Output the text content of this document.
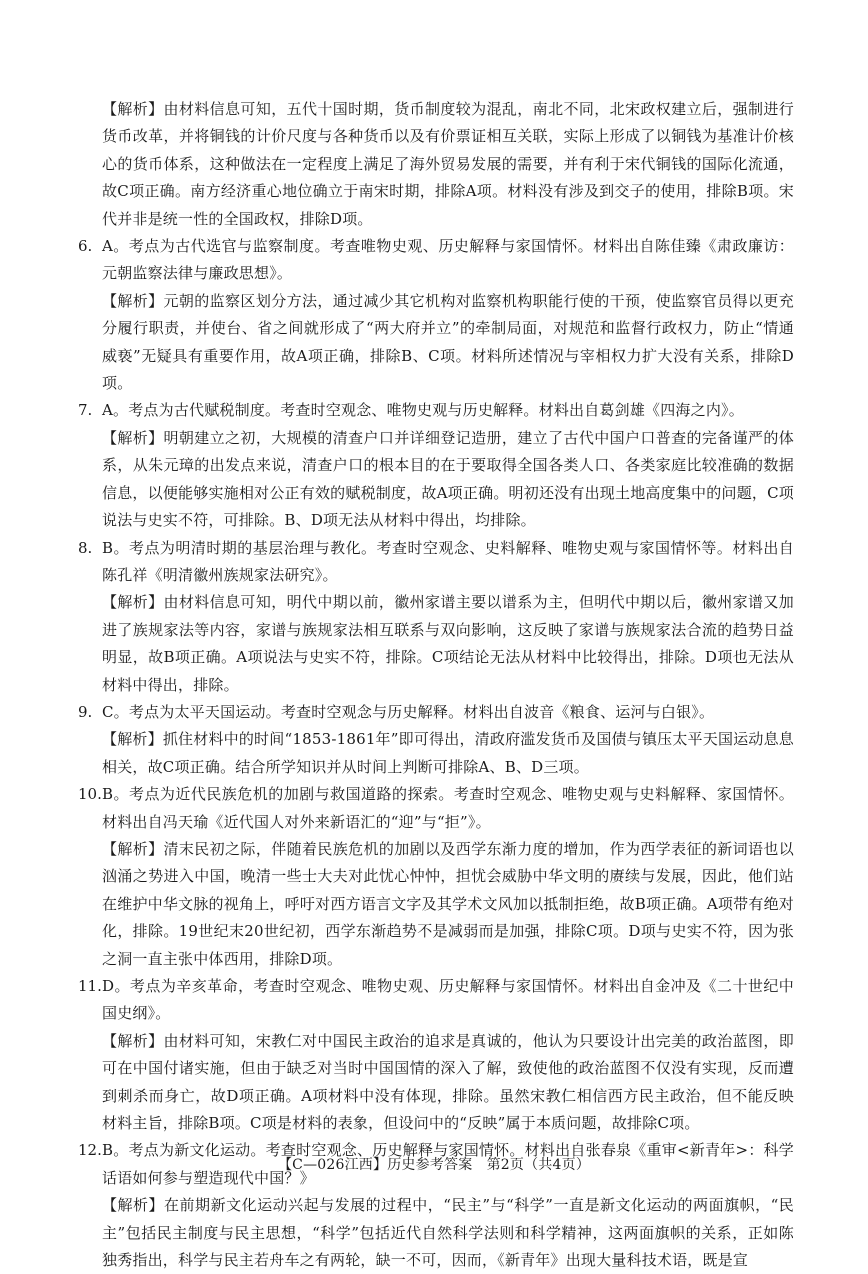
【解析】由材料信息可知，五代十国时期，货币制度较为混乱，南北不同，北宋政权建立后，强制进行货币改革，并将铜钱的计价尺度与各种货币以及有价票证相互关联，实际上形成了以铜钱为基准计价核心的货币体系，这种做法在一定程度上满足了海外贸易发展的需要，并有利于宋代铜钱的国际化流通，故C项正确。南方经济重心地位确立于南宋时期，排除A项。材料没有涉及到交子的使用，排除B项。宋代并非是统一性的全国政权，排除D项。

6. A。考点为古代选官与监察制度。考查唯物史观、历史解释与家国情怀。材料出自陈佳臻《肃政廉访：元朝监察法律与廉政思想》。

【解析】元朝的监察区划分方法，通过减少其它机构对监察机构职能行使的干预，使监察官员得以更充分履行职责，并使台、省之间就形成了“两大府并立”的牵制局面，对规范和监督行政权力，防止“情通威亵”无疑具有重要作用，故A项正确，排除B、C项。材料所述情况与宰相权力扩大没有关系，排除D项。

7. A。考点为古代赋税制度。考查时空观念、唯物史观与历史解释。材料出自葛剑雄《四海之内》。

【解析】明朝建立之初，大规模的清查户口并详细登记造册，建立了古代中国户口普查的完备谨严的体系，从朱元璋的出发点来说，清查户口的根本目的在于要取得全国各类人口、各类家庭比较准确的数据信息，以便能够实施相对公正有效的赋税制度，故A项正确。明初还没有出现土地高度集中的问题，C项说法与史实不符，可排除。B、D项无法从材料中得出，均排除。

8. B。考点为明清时期的基层治理与教化。考查时空观念、史料解释、唯物史观与家国情怀等。材料出自陈孔祥《明清徽州族规家法研究》。

【解析】由材料信息可知，明代中期以前，徽州家谱主要以谱系为主，但明代中期以后，徽州家谱又加进了族规家法等内容，家谱与族规家法相互联系与双向影响，这反映了家谱与族规家法合流的趋势日益明显，故B项正确。A项说法与史实不符，排除。C项结论无法从材料中比较得出，排除。D项也无法从材料中得出，排除。

9. C。考点为太平天国运动。考查时空观念与历史解释。材料出自波音《粮食、运河与白银》。

【解析】抓住材料中的时间“1853-1861年”即可得出，清政府滥发货币及国债与镇压太平天国运动息息相关，故C项正确。结合所学知识并从时间上判断可排除A、B、D三项。

10. B。考点为近代民族危机的加剧与救国道路的探索。考查时空观念、唯物史观与史料解释、家国情怀。材料出自冯天瑜《近代国人对外来新语汇的“迎”与“拒”》。

【解析】清末民初之际，伴随着民族危机的加剧以及西学东渐力度的增加，作为西学表征的新词语也以汹涌之势进入中国，晚清一些士大夫对此忧心忡忡，担忧会威胁中华文明的赓续与发展，因此，他们站在维护中华文脉的视角上，呼吁对西方语言文字及其学术文风加以抵制拒绝，故B项正确。A项带有绝对化，排除。19世纪末20世纪初，西学东渐趋势不是减弱而是加强，排除C项。D项与史实不符，因为张之洞一直主张中体西用，排除D项。

11. D。考点为辛亥革命，考查时空观念、唯物史观、历史解释与家国情怀。材料出自金冲及《二十世纪中国史纲》。

【解析】由材料可知，宋教仁对中国民主政治的追求是真诚的，他认为只要设计出完美的政治蓝图，即可在中国付诸实施，但由于缺乏对当时中国国情的深入了解，致使他的政治蓝图不仅没有实现，反而遭到刺杀而身亡，故D项正确。A项材料中没有体现，排除。虽然宋教仁相信西方民主政治，但不能反映材料主旨，排除B项。C项是材料的表象，但设问中的“反映”属于本质问题，故排除C项。

12. B。考点为新文化运动。考查时空观念、历史解释与家国情怀。材料出自张春泉《重审<新青年>：科学话语如何参与塑造现代中国？》

【解析】在前期新文化运动兴起与发展的过程中，“民主”与“科学”一直是新文化运动的两面旗帜，“民主”包括民主制度与民主思想，“科学”包括近代自然科学法则和科学精神，这两面旗帜的关系，正如陈独秀指出，科学与民主若舟车之有两轮，缺一不可，因而，《新青年》出现大量科技术语，既是宣

【C—026江西】历史参考答案　第2页（共4页）
